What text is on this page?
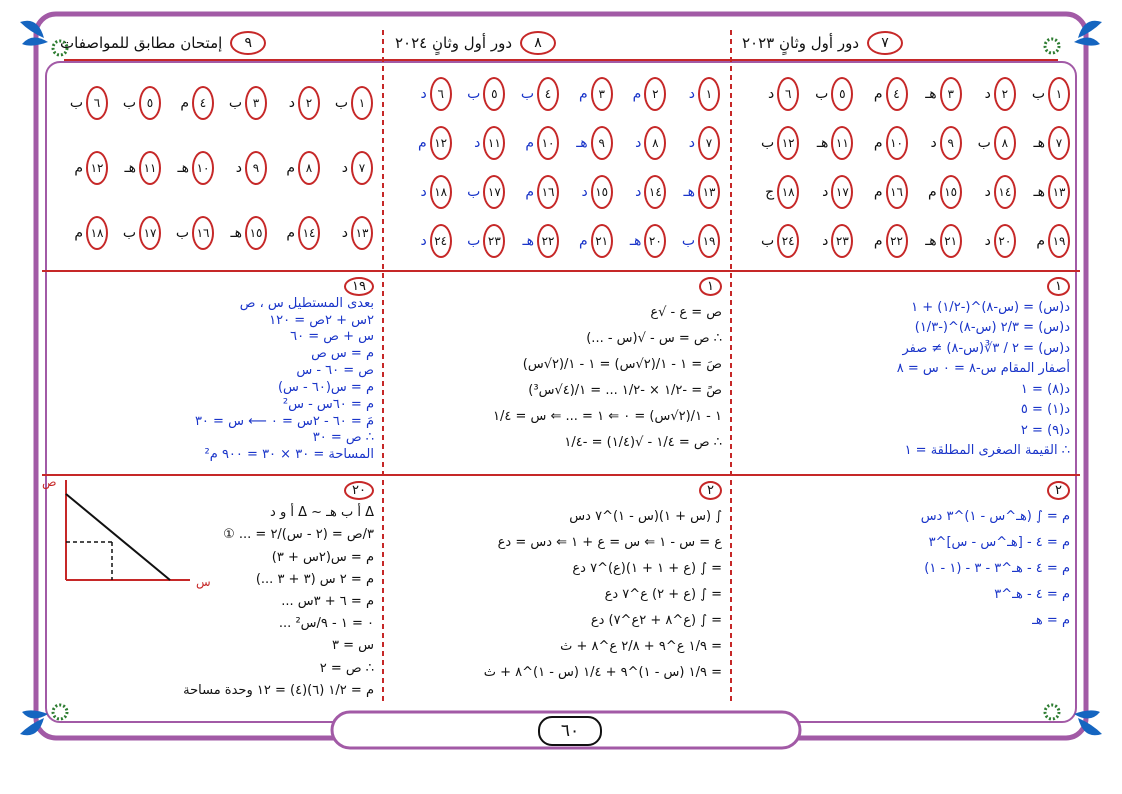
ص
س
٧
دور أول وثانٍ ٢٠٢٣
٨
دور أول وثانٍ ٢٠٢٤
٩
إمتحان مطابق للمواصفات
١
ب
٢
د
٣
هـ
٤
م
٥
ب
٦
د
٧
هـ
٨
ب
٩
د
١٠
م
١١
هـ
١٢
ب
١٣
هـ
١٤
د
١٥
م
١٦
م
١٧
د
١٨
ج
١٩
م
٢٠
د
٢١
هـ
٢٢
م
٢٣
د
٢٤
ب
١
د
٢
م
٣
م
٤
ب
٥
ب
٦
د
٧
د
٨
د
٩
هـ
١٠
م
١١
د
١٢
م
١٣
هـ
١٤
د
١٥
د
١٦
م
١٧
ب
١٨
د
١٩
ب
٢٠
هـ
٢١
م
٢٢
هـ
٢٣
ب
٢٤
د
١
ب
٢
د
٣
ب
٤
م
٥
ب
٦
ب
٧
د
٨
م
٩
د
١٠
هـ
١١
هـ
١٢
م
١٣
د
١٤
م
١٥
هـ
١٦
ب
١٧
ب
١٨
م
١
د(س) = (س-٨)^(-١/٢) + ١
د(س) = ٢/٣ (س-٨)^(-١/٣)
د(س) = ٢ / ٣∛(س-٨) ≠ صفر
أصفار المقام س-٨ = ٠ س = ٨
د(٨) = ١
د(١) = ٥
د(٩) = ٢
∴ القيمة الصغرى المطلقة = ١
١
ص = ع - √ع
∴ ص = س - √(س - ...)
صَ = ١ - ١/(٢√س) = ١ - ١/(٢√س)
صً = -١/٢ × -١/٢ ... = ١/(٤√س³)
١ - ١/(٢√س) = ٠ ⇐ ١ = ... ⇐ س = ١/٤
∴ ص = ١/٤ - √(١/٤) = -١/٤
١٩
بعدى المستطيل س ، ص
٢س + ٢ص = ١٢٠
س + ص = ٦٠
م = س ص
ص = ٦٠ - س
م = س(٦٠ - س)
م = ٦٠س - س²
مَ = ٦٠ - ٢س = ٠ ⟵ س = ٣٠
∴ ص = ٣٠
المساحة = ٣٠ × ٣٠ = ٩٠٠ م²
٢
م = ∫ (هـ^س - ١)^٣ دس
م = ٤ - [هـ^س - س]^٣
م = ٤ - هـ^٣ - ٣ - (١ - ١)
م = ٤ - هـ^٣
م = هـ
٢
∫ (س + ١)(س - ١)^٧ دس
ع = س - ١ ⇐ س = ع + ١ ⇐ دس = دع
= ∫ (ع + ١ + ١)(ع)^٧ دع
= ∫ (ع + ٢) ع^٧ دع
= ∫ (ع^٨ + ٢ع^٧) دع
= ١/٩ ع^٩ + ٢/٨ ع^٨ + ث
= ١/٩ (س - ١)^٩ + ١/٤ (س - ١)^٨ + ث
٢٠
Δ أ ب هـ ~ Δ أ و د
٣/ص = (٢ - س)/٢ = ... ①
م = س(٢س + ٣)
م = ٢ س (٣ + ٣ ...)
م = ٦ + ٣س ...
٠ = ١ - ٩/س² ...
س = ٣
∴ ص = ٢
م = ١/٢ (٦)(٤) = ١٢ وحدة مساحة
٦٠
